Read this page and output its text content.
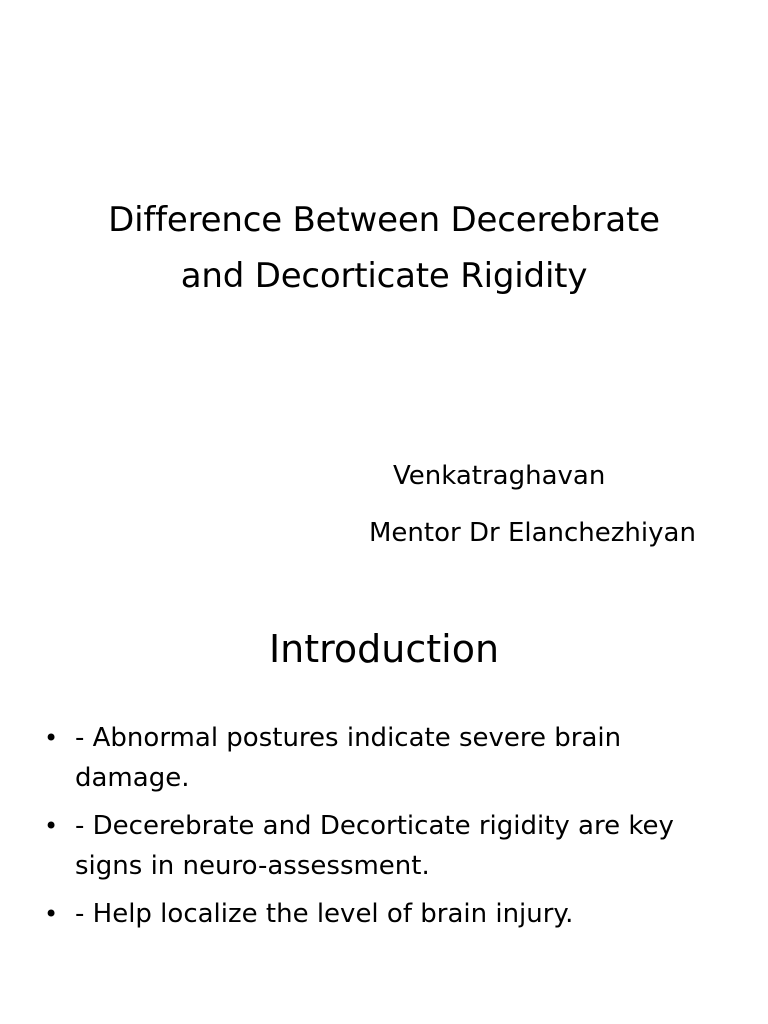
Difference Between Decerebrate
and Decorticate Rigidity
Venkatraghavan
Mentor Dr Elanchezhiyan
Introduction
• - Abnormal postures indicate severe brain damage.
• - Decerebrate and Decorticate rigidity are key signs in neuro-assessment.
• - Help localize the level of brain injury.
